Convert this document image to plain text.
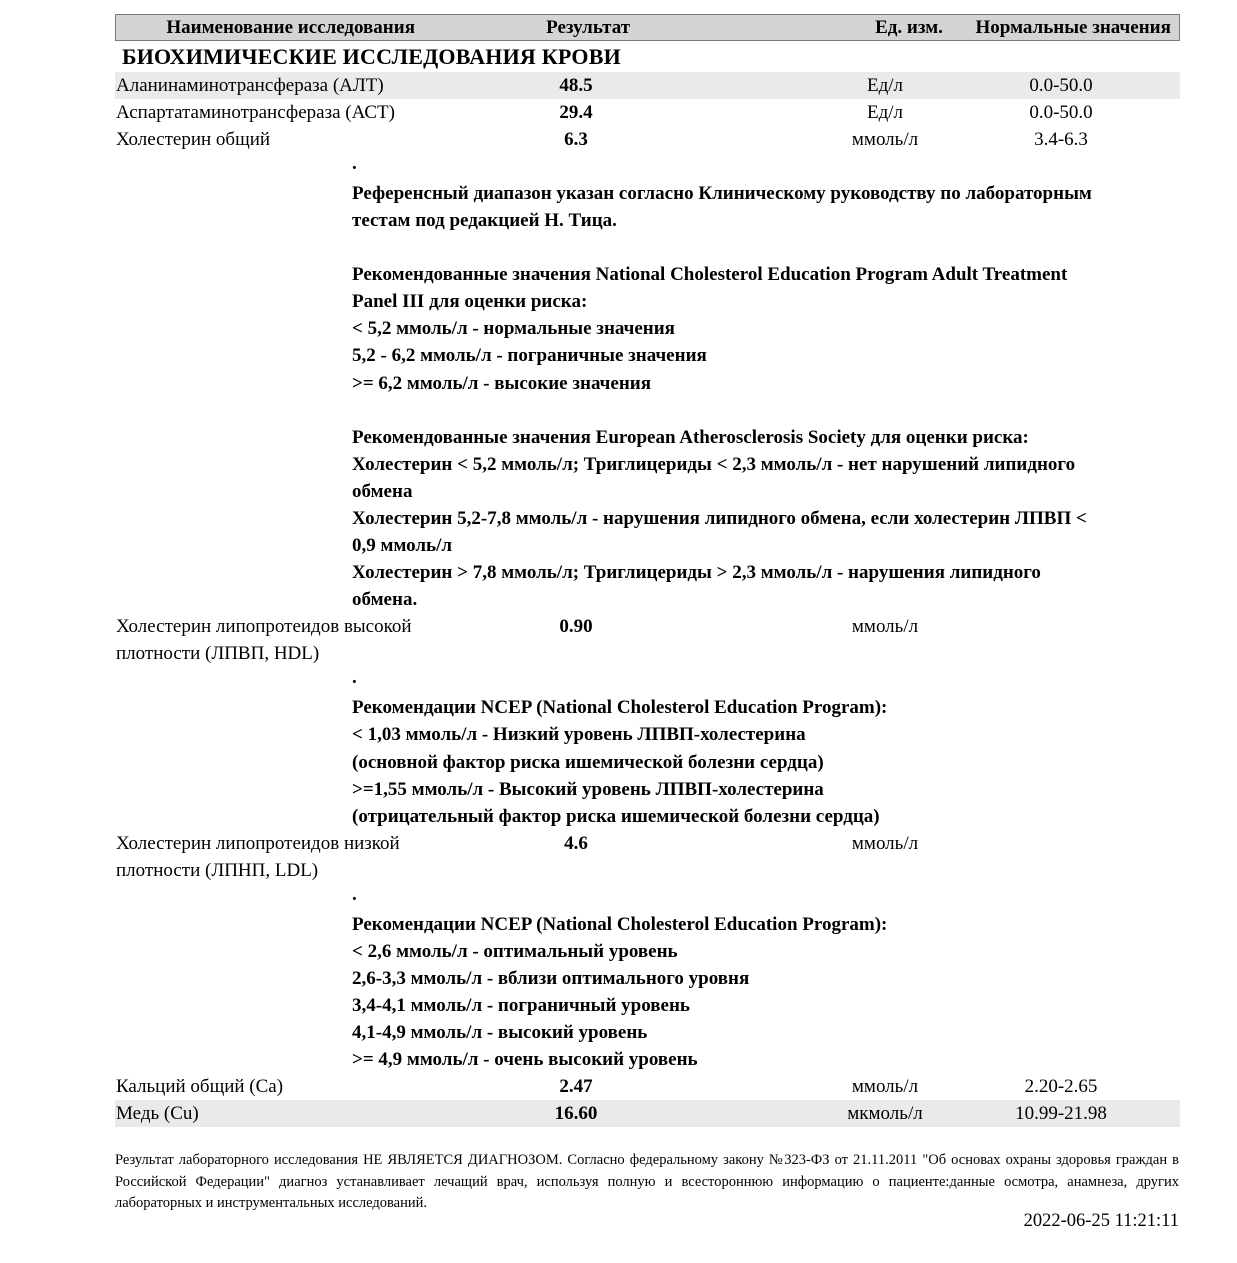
Наименование исследования	Результат	Ед. изм.	Нормальные значения
БИОХИМИЧЕСКИЕ ИССЛЕДОВАНИЯ КРОВИ
Аланинаминотрансфераза (АЛТ)	48.5	Ед/л	0.0-50.0
Аспартатаминотрансфераза (АСТ)	29.4	Ед/л	0.0-50.0
Холестерин общий	6.3	ммоль/л	3.4-6.3
.
Референсный диапазон указан согласно Клиническому руководству по лабораторным
тестам под редакцией Н. Тица.
Рекомендованные значения National Cholesterol Education Program Adult Treatment
Panel III для оценки риска:
< 5,2 ммоль/л - нормальные значения
5,2 - 6,2 ммоль/л - пограничные значения
>= 6,2 ммоль/л - высокие значения
Рекомендованные значения European Atherosclerosis Society для оценки риска:
Холестерин < 5,2 ммоль/л; Триглицериды < 2,3 ммоль/л - нет нарушений липидного
обмена
Холестерин 5,2-7,8 ммоль/л - нарушения липидного обмена, если холестерин ЛПВП <
0,9 ммоль/л
Холестерин > 7,8 ммоль/л; Триглицериды > 2,3 ммоль/л - нарушения липидного
обмена.
Холестерин липопротеидов высокой	0.90	ммоль/л
плотности (ЛПВП, HDL)
.
Рекомендации NCEP (National Cholesterol Education Program):
< 1,03 ммоль/л - Низкий уровень ЛПВП-холестерина
(основной фактор риска ишемической болезни сердца)
>=1,55 ммоль/л - Высокий уровень ЛПВП-холестерина
(отрицательный фактор риска ишемической болезни сердца)
Холестерин липопротеидов низкой	4.6	ммоль/л
плотности (ЛПНП, LDL)
.
Рекомендации NCEP (National Cholesterol Education Program):
< 2,6 ммоль/л - оптимальный уровень
2,6-3,3 ммоль/л - вблизи оптимального уровня
3,4-4,1 ммоль/л - пограничный уровень
4,1-4,9 ммоль/л - высокий уровень
>= 4,9 ммоль/л - очень высокий уровень
Кальций общий (Ca)	2.47	ммоль/л	2.20-2.65
Медь (Cu)	16.60	мкмоль/л	10.99-21.98
Результат лабораторного исследования НЕ ЯВЛЯЕТСЯ ДИАГНОЗОМ. Согласно федеральному закону №323-ФЗ от 21.11.2011 "Об основах охраны здоровья граждан в Российской Федерации" диагноз устанавливает лечащий врач, используя полную и всестороннюю информацию о пациенте:данные осмотра, анамнеза, других лабораторных и инструментальных исследований.
2022-06-25 11:21:11
